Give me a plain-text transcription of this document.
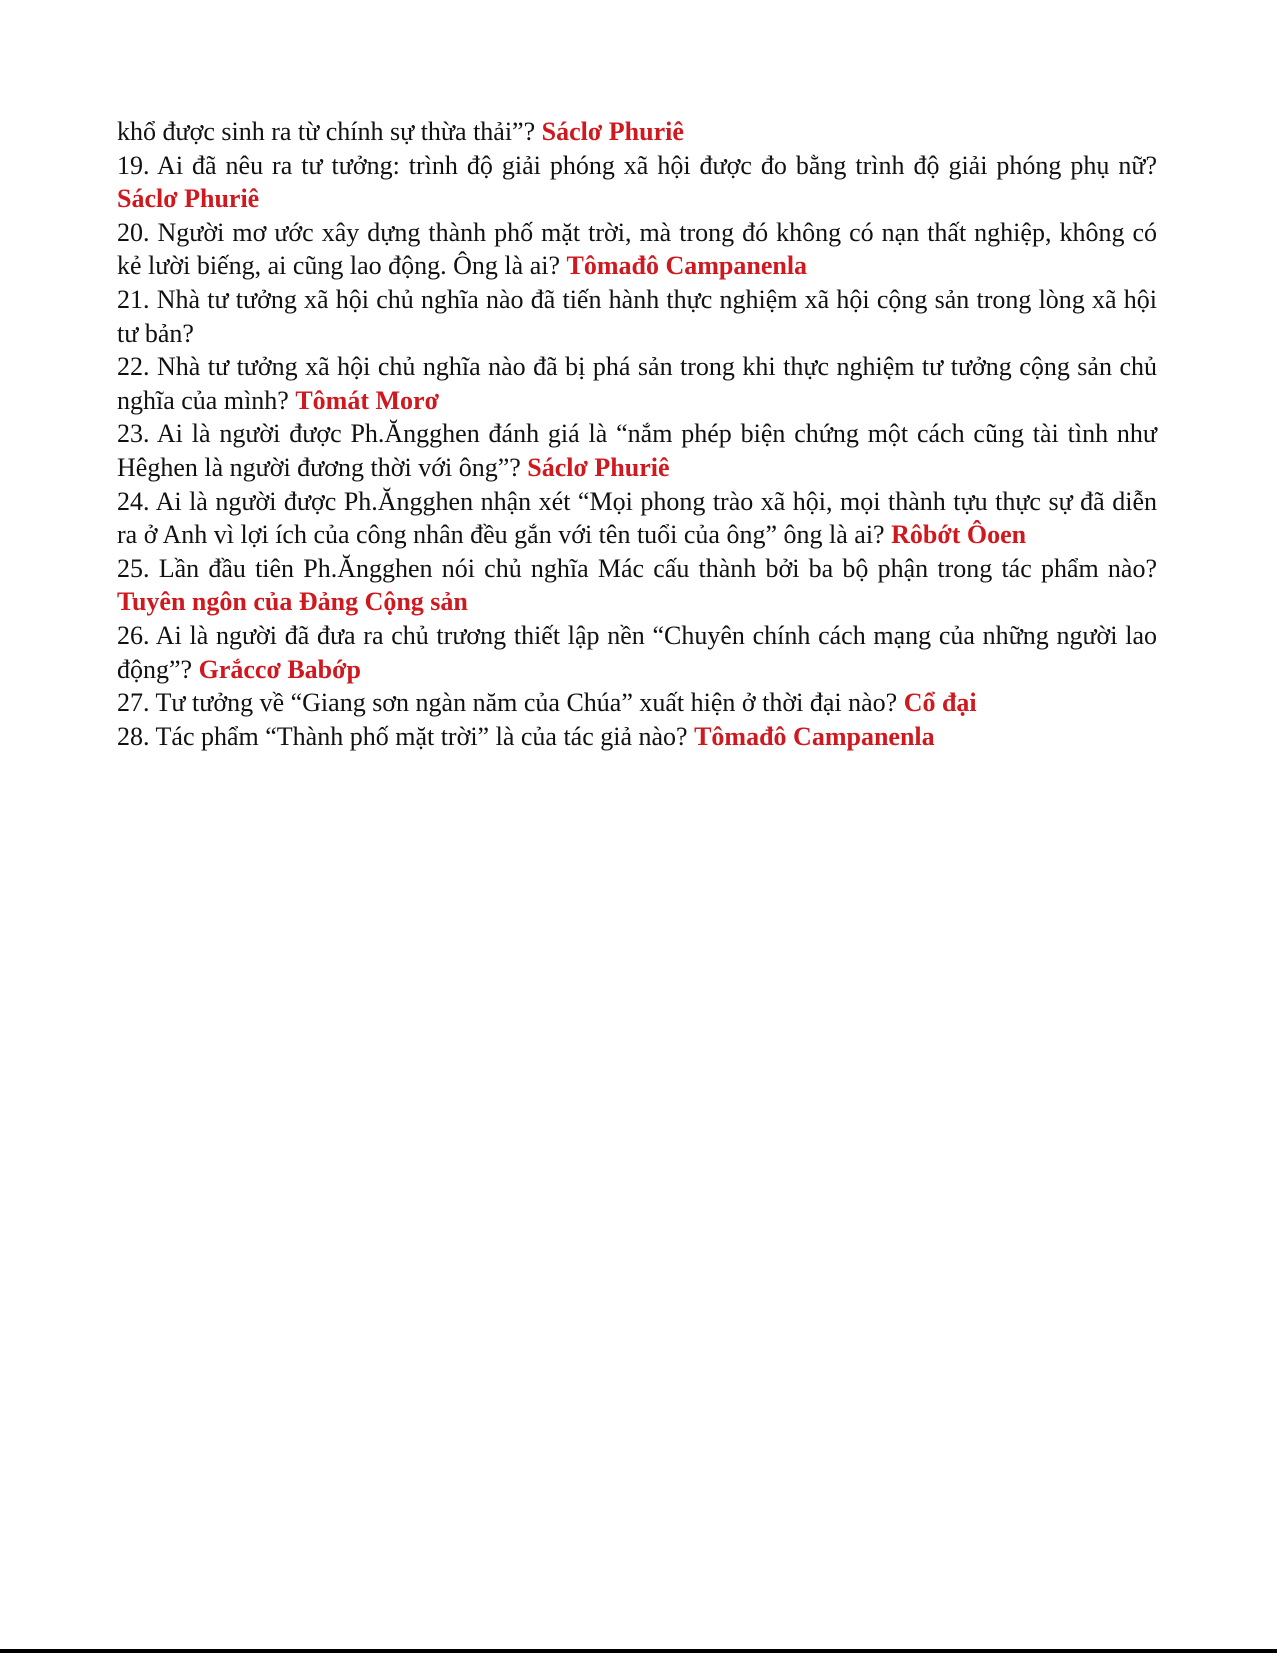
khổ được sinh ra từ chính sự thừa thải”? Sáclơ Phuriê

19. Ai đã nêu ra tư tưởng: trình độ giải phóng xã hội được đo bằng trình độ giải phóng phụ nữ? Sáclơ Phuriê

20. Người mơ ước xây dựng thành phố mặt trời, mà trong đó không có nạn thất nghiệp, không có kẻ lười biếng, ai cũng lao động. Ông là ai? Tômađô Campanenla

21. Nhà tư tưởng xã hội chủ nghĩa nào đã tiến hành thực nghiệm xã hội cộng sản trong lòng xã hội tư bản?

22. Nhà tư tưởng xã hội chủ nghĩa nào đã bị phá sản trong khi thực nghiệm tư tưởng cộng sản chủ nghĩa của mình? Tômát Morơ

23. Ai là người được Ph.Ăngghen đánh giá là “nắm phép biện chứng một cách cũng tài tình như Hêghen là người đương thời với ông”? Sáclơ Phuriê

24. Ai là người được Ph.Ăngghen nhận xét “Mọi phong trào xã hội, mọi thành tựu thực sự đã diễn ra ở Anh vì lợi ích của công nhân đều gắn với tên tuổi của ông” ông là ai? Rôbớt Ôoen

25. Lần đầu tiên Ph.Ăngghen nói chủ nghĩa Mác cấu thành bởi ba bộ phận trong tác phẩm nào? Tuyên ngôn của Đảng Cộng sản

26. Ai là người đã đưa ra chủ trương thiết lập nền “Chuyên chính cách mạng của những người lao động”? Grắccơ Babớp

27. Tư tưởng về “Giang sơn ngàn năm của Chúa” xuất hiện ở thời đại nào? Cổ đại

28. Tác phẩm “Thành phố mặt trời” là của tác giả nào? Tômađô Campanenla
